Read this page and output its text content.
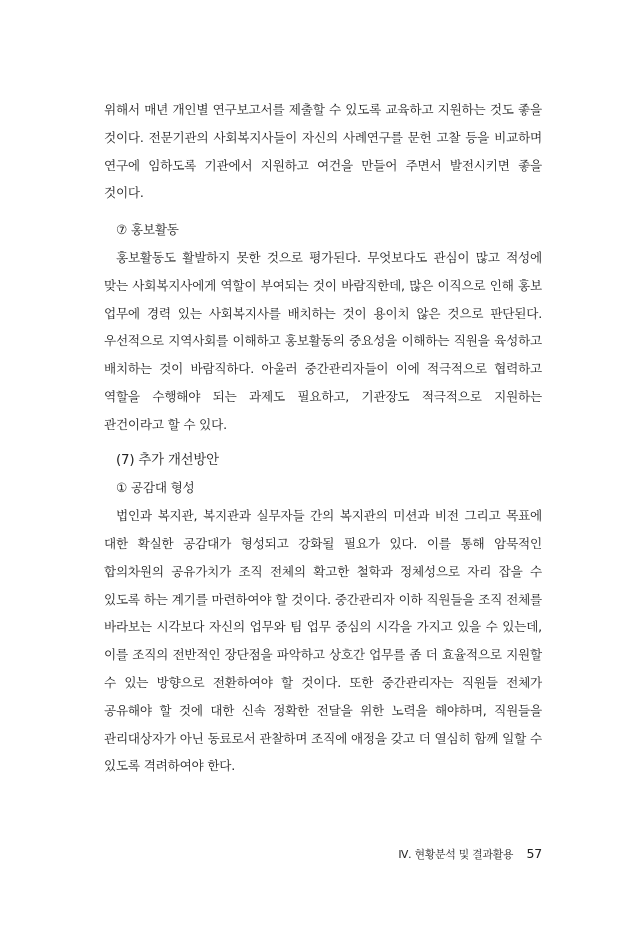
위해서 매년 개인별 연구보고서를 제출할 수 있도록 교육하고 지원하는 것도 좋을 것이다. 전문기관의 사회복지사들이 자신의 사례연구를 문헌 고찰 등을 비교하며 연구에 임하도록 기관에서 지원하고 여건을 만들어 주면서 발전시키면 좋을 것이다.

⑦ 홍보활동

홍보활동도 활발하지 못한 것으로 평가된다. 무엇보다도 관심이 많고 적성에 맞는 사회복지사에게 역할이 부여되는 것이 바람직한데, 많은 이직으로 인해 홍보 업무에 경력 있는 사회복지사를 배치하는 것이 용이치 않은 것으로 판단된다. 우선적으로 지역사회를 이해하고 홍보활동의 중요성을 이해하는 직원을 육성하고 배치하는 것이 바람직하다. 아울러 중간관리자들이 이에 적극적으로 협력하고 역할을 수행해야 되는 과제도 필요하고, 기관장도 적극적으로 지원하는 관건이라고 할 수 있다.

(7) 추가 개선방안

① 공감대 형성

법인과 복지관, 복지관과 실무자들 간의 복지관의 미션과 비전 그리고 목표에 대한 확실한 공감대가 형성되고 강화될 필요가 있다. 이를 통해 암묵적인 합의차원의 공유가치가 조직 전체의 확고한 철학과 정체성으로 자리 잡을 수 있도록 하는 계기를 마련하여야 할 것이다. 중간관리자 이하 직원들을 조직 전체를 바라보는 시각보다 자신의 업무와 팀 업무 중심의 시각을 가지고 있을 수 있는데, 이를 조직의 전반적인 장단점을 파악하고 상호간 업무를 좀 더 효율적으로 지원할 수 있는 방향으로 전환하여야 할 것이다. 또한 중간관리자는 직원들 전체가 공유해야 할 것에 대한 신속 정확한 전달을 위한 노력을 해야하며, 직원들을 관리대상자가 아닌 동료로서 관찰하며 조직에 애정을 갖고 더 열심히 함께 일할 수 있도록 격려하여야 한다.

Ⅳ. 현황분석 및 결과활용 57
